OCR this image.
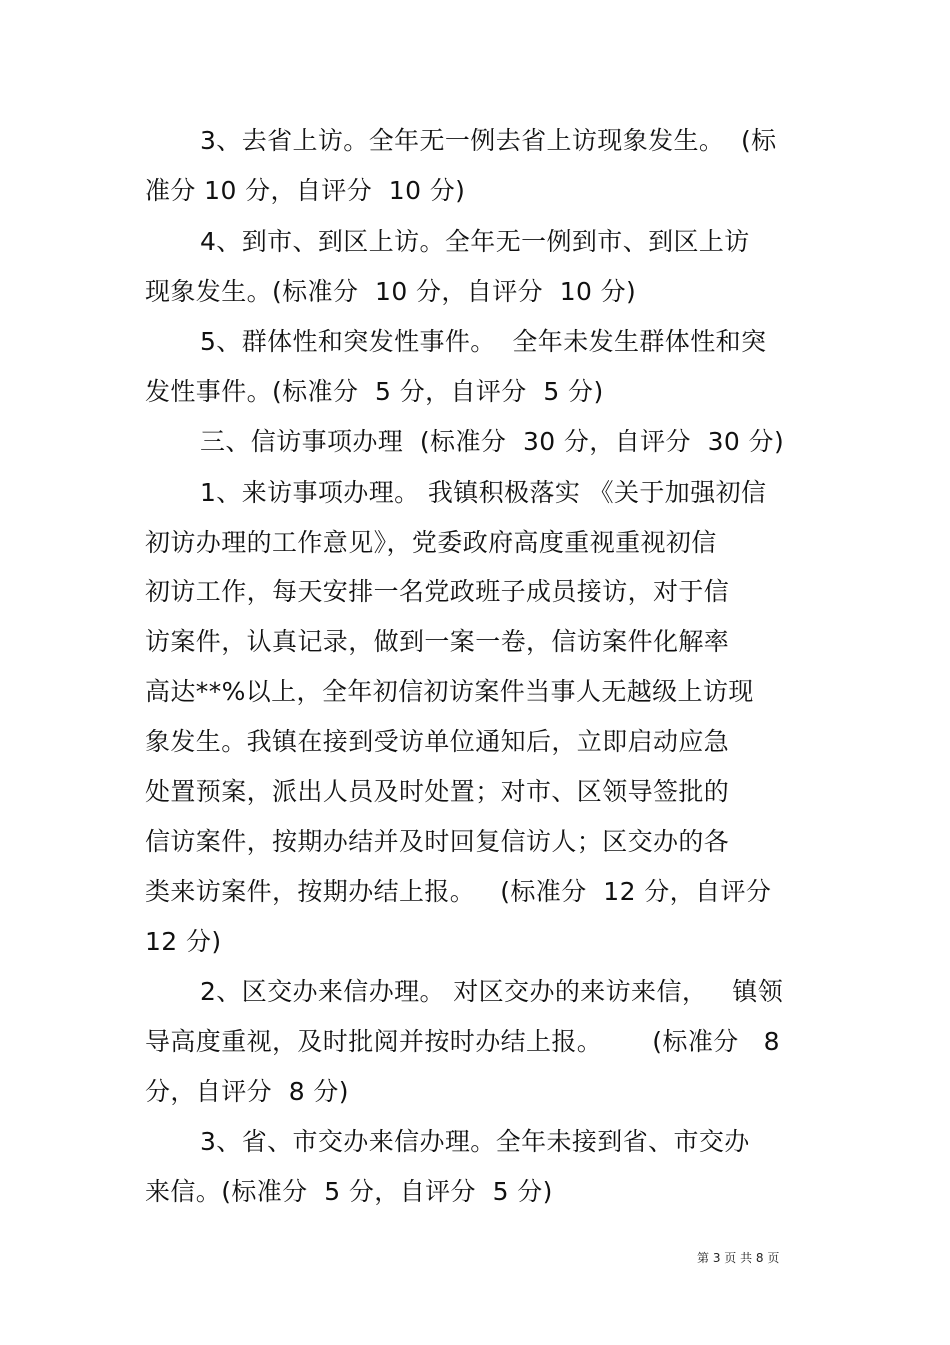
3、去省上访。全年无一例去省上访现象发生。  (标
准分 10 分，自评分  10 分)
4、到市、到区上访。全年无一例到市、到区上访
现象发生。(标准分  10 分，自评分  10 分)
5、群体性和突发性事件。  全年未发生群体性和突
发性事件。(标准分  5 分，自评分  5 分)
三、信访事项办理  (标准分  30 分，自评分  30 分)
1、来访事项办理。 我镇积极落实 《关于加强初信
初访办理的工作意见》，党委政府高度重视重视初信
初访工作，每天安排一名党政班子成员接访，对于信
访案件，认真记录，做到一案一卷，信访案件化解率
高达**%以上，全年初信初访案件当事人无越级上访现
象发生。我镇在接到受访单位通知后，立即启动应急
处置预案，派出人员及时处置；对市、区领导签批的
信访案件，按期办结并及时回复信访人；区交办的各
类来访案件，按期办结上报。   (标准分  12 分，自评分
12 分)
2、区交办来信办理。 对区交办的来访来信，   镇领
导高度重视，及时批阅并按时办结上报。      (标准分   8
分，自评分  8 分)
3、省、市交办来信办理。全年未接到省、市交办
来信。(标准分  5 分，自评分  5 分)
第 3 页 共 8 页
